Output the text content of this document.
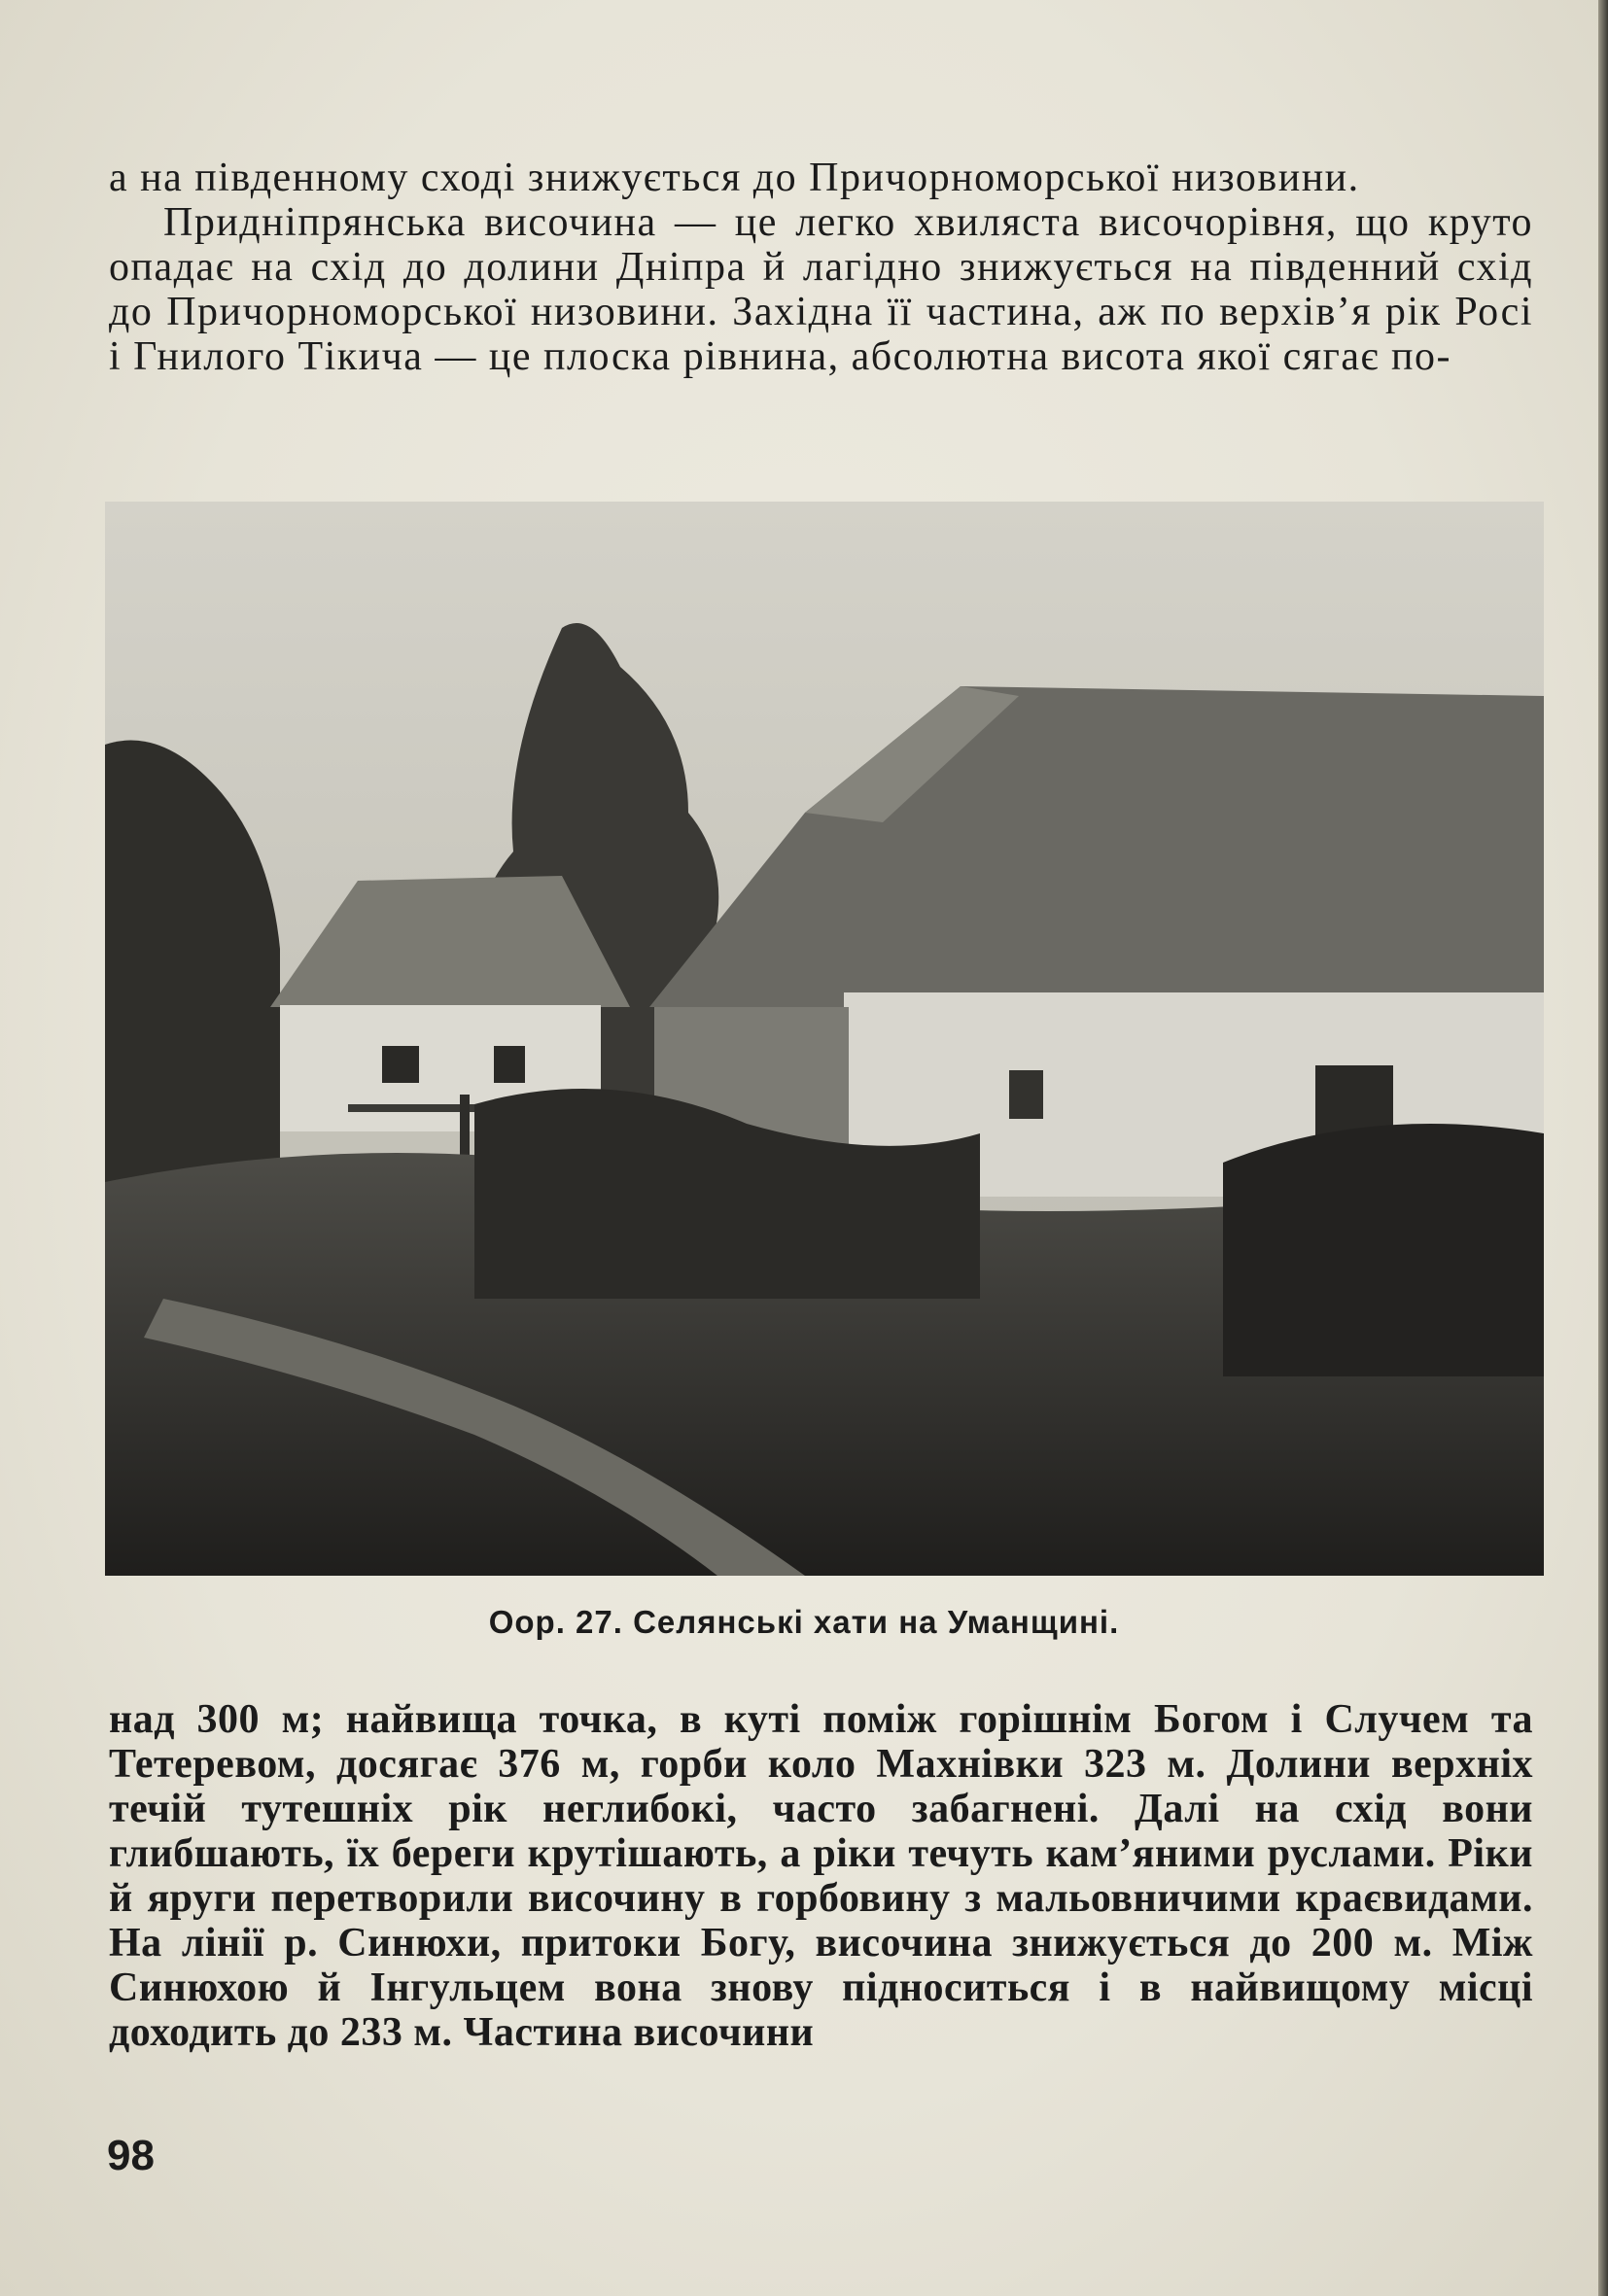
а на південному сході знижується до Причорноморської низовини.

Придніпрянська височина — це легко хвиляста височорівня, що круто опадає на схід до долини Дніпра й лагідно знижується на південний схід до Причорноморської низовини. Західна її частина, аж по верхів’я рік Росі і Гнилого Тікича — це плоска рівнина, абсолютна висота якої сягає по-

Оор. 27. Селянські хати на Уманщині.

над 300 м; найвища точка, в куті поміж горішнім Богом і Случем та Тетеревом, досягає 376 м, горби коло Махнівки 323 м. Долини верхніх течій тутешніх рік неглибокі, часто забагнені. Далі на схід вони глибшають, їх береги крутішають, а ріки течуть кам’яними руслами. Ріки й яруги перетворили височину в горбовину з мальовничими краєвидами. На лінії р. Синюхи, притоки Богу, височина знижується до 200 м. Між Синюхою й Інгульцем вона знову підноситься і в найвищому місці доходить до 233 м. Частина височини

98
